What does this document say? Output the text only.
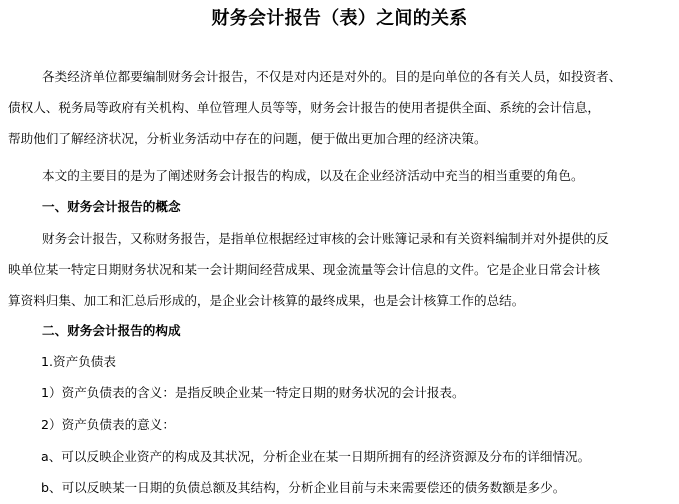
财务会计报告（表）之间的关系
各类经济单位都要编制财务会计报告，不仅是对内还是对外的。目的是向单位的各有关人员，如投资者、
债权人、税务局等政府有关机构、单位管理人员等等，财务会计报告的使用者提供全面、系统的会计信息，
帮助他们了解经济状况，分析业务活动中存在的问题，便于做出更加合理的经济决策。
本文的主要目的是为了阐述财务会计报告的构成，以及在企业经济活动中充当的相当重要的角色。
一、财务会计报告的概念
财务会计报告，又称财务报告，是指单位根据经过审核的会计账簿记录和有关资料编制并对外提供的反
映单位某一特定日期财务状况和某一会计期间经营成果、现金流量等会计信息的文件。它是企业日常会计核
算资料归集、加工和汇总后形成的，是企业会计核算的最终成果，也是会计核算工作的总结。
二、财务会计报告的构成
1.资产负债表
1）资产负债表的含义：是指反映企业某一特定日期的财务状况的会计报表。
2）资产负债表的意义：
a、可以反映企业资产的构成及其状况，分析企业在某一日期所拥有的经济资源及分布的详细情况。
b、可以反映某一日期的负债总额及其结构，分析企业目前与未来需要偿还的债务数额是多少。
